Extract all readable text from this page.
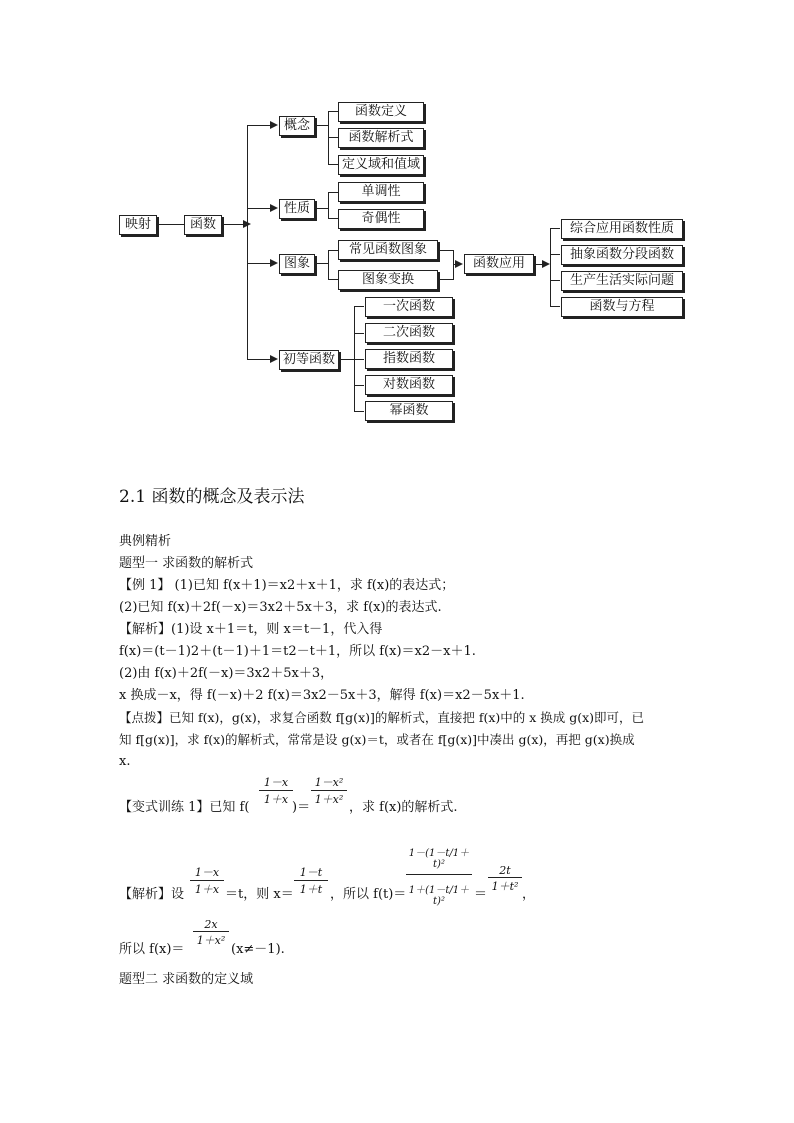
映射	函数
概念
性质
图象
初等函数
函数定义
函数解析式
定义域和值域
单调性
奇偶性
常见函数图象
图象变换
函数应用
综合应用函数性质
抽象函数分段函数
生产生活实际问题
函数与方程
一次函数
二次函数
指数函数
对数函数
幂函数
2.1 函数的概念及表示法
典例精析
题型一 求函数的解析式
【例 1】 (1)已知 f(x＋1)＝x2＋x＋1，求 f(x)的表达式；
(2)已知 f(x)＋2f(－x)＝3x2＋5x＋3，求 f(x)的表达式.
【解析】(1)设 x＋1＝t，则 x＝t－1，代入得
f(x)＝(t－1)2＋(t－1)＋1＝t2－t＋1，所以 f(x)＝x2－x＋1.
(2)由 f(x)＋2f(－x)＝3x2＋5x＋3，
x 换成－x，得 f(－x)＋2 f(x)＝3x2－5x＋3，解得 f(x)＝x2－5x＋1.
【点拨】已知 f(x)，g(x)，求复合函数 f[g(x)]的解析式，直接把 f(x)中的 x 换成 g(x)即可，已
知 f[g(x)]，求 f(x)的解析式，常常是设 g(x)＝t，或者在 f[g(x)]中凑出 g(x)，再把 g(x)换成
x.
【变式训练 1】已知 f(
$\frac{1-x}{1+x}$
)＝
$\frac{\text{1－x²}}{\text{1＋x²}}$
，求 f(x)的解析式.
【解析】设 $\frac{1-x}{1+x} =t$，则 $x= \frac{1-t}{1+t}$ ，所以 $f(t)= \frac{\text{1－(1－t/1＋t)²}}{\text{1＋(1－t/1＋t)²}}$ ＝
$\frac{2t}{\text{1＋t²}}$
，
所以 f(x)＝
$\frac{2x}{\text{1＋x²}}$
(x≠－1).
题型二 求函数的定义域
